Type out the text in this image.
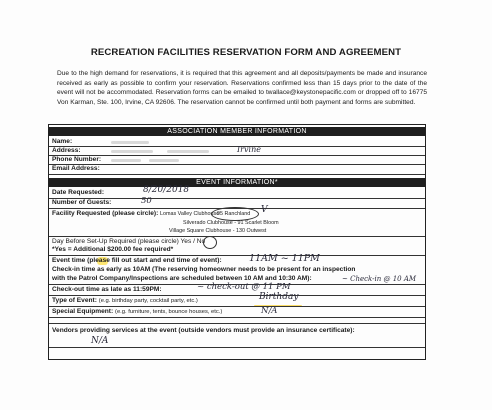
RECREATION FACILITIES RESERVATION FORM AND AGREEMENT
Due to the high demand for reservations, it is required that this agreement and all deposits/payments be made and insurance received as early as possible to confirm your reservation. Reservations confirmed less than 15 days prior to the date of the event will not be accommodated. Reservation forms can be emailed to twallace@keystonepacific.com or dropped off to 16775 Von Karman, Ste. 100, Irvine, CA 92606. The reservation cannot be confirmed until both payment and forms are submitted.
ASSOCIATION MEMBER INFORMATION
Name:
Address:	Irvine
Phone Number:
Email Address:
EVENT INFORMATION*
Date Requested:	8/20/2018
Number of Guests:	50
Facility Requested (please circle): Lomas Valley Clubhouse
95 Ranchland V
Silverado Clubhouse - 91 Scarlet Bloom
Village Square Clubhouse - 130 Outwest
Day Before Set-Up Required (please circle) Yes / No
*Yes = Additional $200.00 fee required*
Event time (please fill out start and end time of event):	11AM ~ 11PM
Check-in time as early as 10AM (The reserving homeowner needs to be present for an inspection
with the Patrol Company/Inspections are scheduled between 10 AM and 10:30 AM):	~ Check-in @ 10 AM
Check-out time as late as 11:59PM:	~ check-out @ 11 PM
Type of Event: (e.g. birthday party, cocktail party, etc.)	Birthday
Special Equipment: (e.g. furniture, tents, bounce houses, etc.)	N/A
Vendors providing services at the event (outside vendors must provide an insurance certificate):
N/A
